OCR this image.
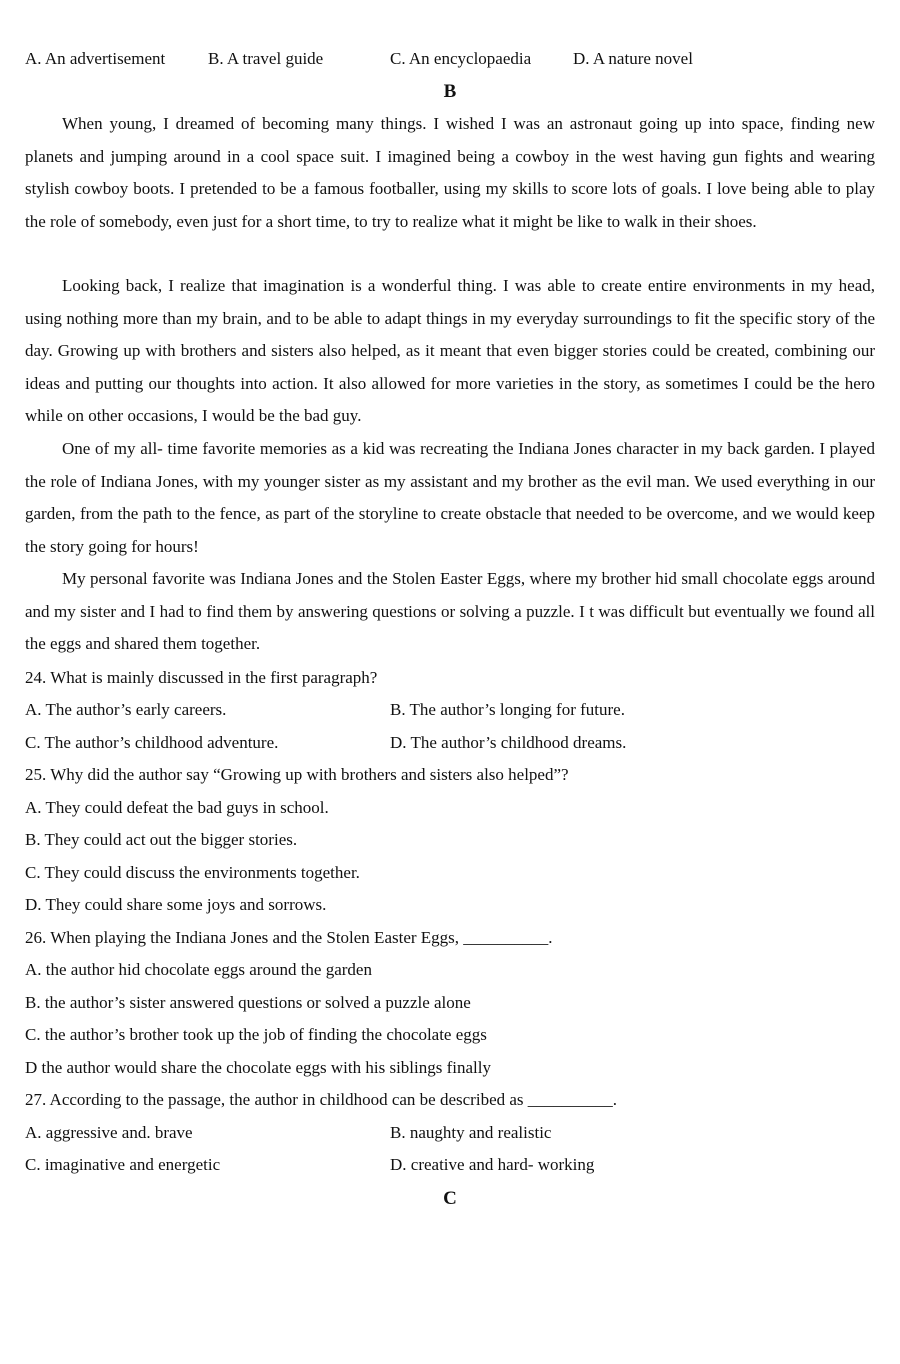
A. An advertisement	B. A travel guide	C. An encyclopaedia D. A nature novel
B
When young, I dreamed of becoming many things. I wished I was an astronaut going up into space, finding new planets and jumping around in a cool space suit. I imagined being a cowboy in the west having gun fights and wearing stylish cowboy boots. I pretended to be a famous footballer, using my skills to score lots of goals. I love being able to play the role of somebody, even just for a short time, to try to realize what it might be like to walk in their shoes.
Looking back, I realize that imagination is a wonderful thing. I was able to create entire environments in my head, using nothing more than my brain, and to be able to adapt things in my everyday surroundings to fit the specific story of the day. Growing up with brothers and sisters also helped, as it meant that even bigger stories could be created, combining our ideas and putting our thoughts into action. It also allowed for more varieties in the story, as sometimes I could be the hero while on other occasions, I would be the bad guy.
One of my all- time favorite memories as a kid was recreating the Indiana Jones character in my back garden. I played the role of Indiana Jones, with my younger sister as my assistant and my brother as the evil man. We used everything in our garden, from the path to the fence, as part of the storyline to create obstacle that needed to be overcome, and we would keep the story going for hours!
My personal favorite was Indiana Jones and the Stolen Easter Eggs, where my brother hid small chocolate eggs around and my sister and I had to find them by answering questions or solving a puzzle. I t was difficult but eventually we found all the eggs and shared them together.
24. What is mainly discussed in the first paragraph?
A. The author’s early careers.	B. The author’s longing for future.
C. The author’s childhood adventure.	D. The author’s childhood dreams.
25. Why did the author say “Growing up with brothers and sisters also helped”?
A. They could defeat the bad guys in school.
B. They could act out the bigger stories.
C. They could discuss the environments together.
D. They could share some joys and sorrows.
26. When playing the Indiana Jones and the Stolen Easter Eggs, __________.
A. the author hid chocolate eggs around the garden
B. the author’s sister answered questions or solved a puzzle alone
C. the author’s brother took up the job of finding the chocolate eggs
D the author would share the chocolate eggs with his siblings finally
27. According to the passage, the author in childhood can be described as __________.
A. aggressive and. brave	B. naughty and realistic
C. imaginative and energetic	D. creative and hard- working
C
